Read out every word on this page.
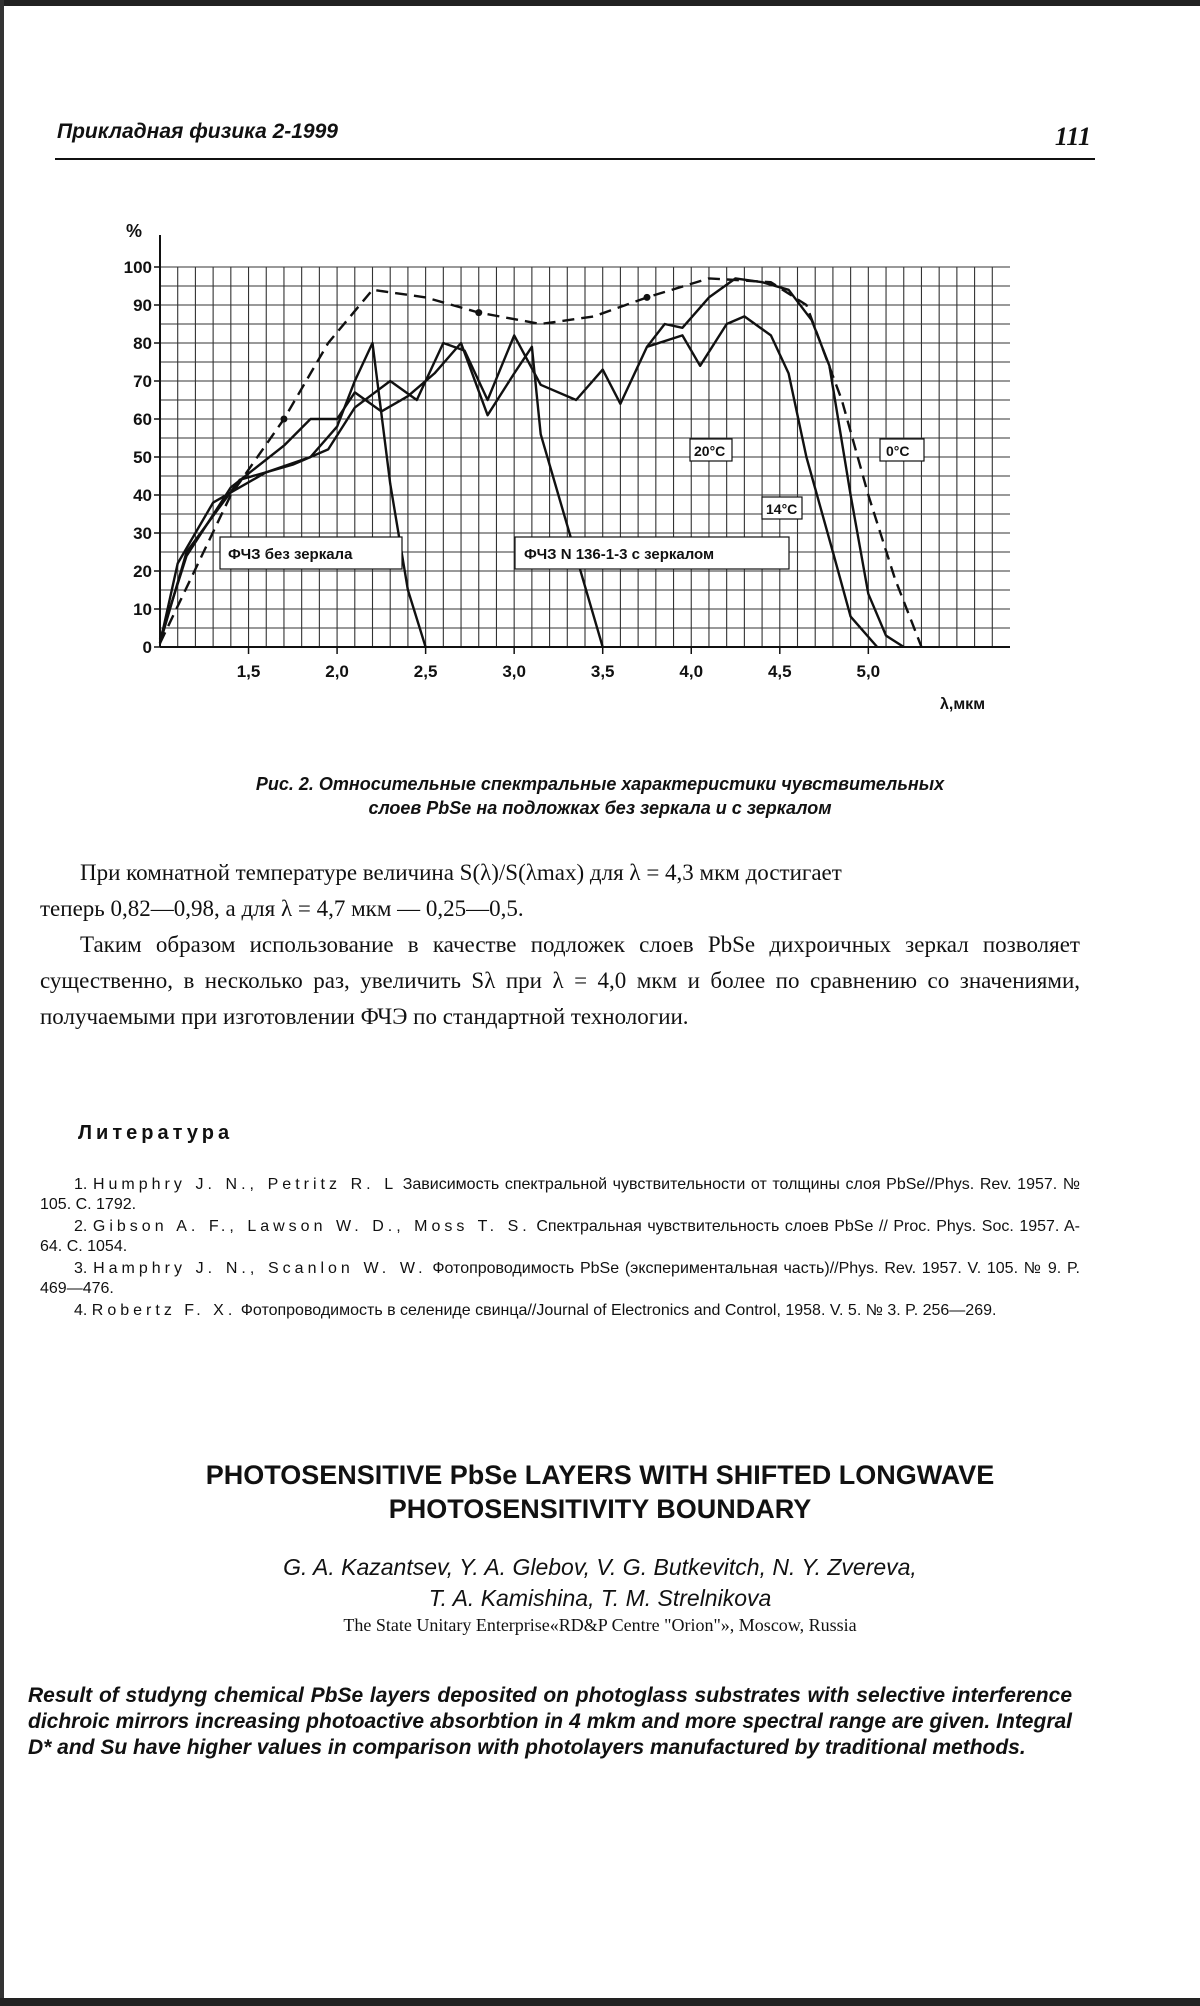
Прикладная физика 2-1999	111
100
90
80
70
60
50
40
30
20
10
0
1,5	2,0	2,5	3,0	3,5	4,0	4,5	5,0
%
λ,мкм
ФЧЗ без зеркала	ФЧЗ N 136-1-3 с зеркалом
20°С
14°С
0°С
Рис. 2. Относительные спектральные характеристики чувствительных
слоев PbSe на подложках без зеркала и с зеркалом

При комнатной температуре величина S(λ)/S(λmax) для λ = 4,3 мкм достигает

теперь 0,82—0,98, а для λ = 4,7 мкм — 0,25—0,5.

Таким образом использование в качестве подложек слоев PbSe дихроичных зеркал позволяет существенно, в несколько раз, увеличить Sλ при λ = 4,0 мкм и более по сравнению со значениями, получаемыми при изготовлении ФЧЭ по стандартной технологии.

Литература
1. Humphry J. N., Petritz R. L Зависимость спектральной чувствительности от толщины слоя PbSe//Phys. Rev. 1957. № 105. С. 1792.
2. Gibson A. F., Lawson W. D., Moss T. S. Спектральная чувствительность слоев PbSe // Proc. Phys. Soc. 1957. A-64. С. 1054.
3. Hamphry J. N., Scanlon W. W. Фотопроводимость PbSe (экспериментальная часть)//Phys. Rev. 1957. V. 105. № 9. P. 469—476.
4. Robertz F. X. Фотопроводимость в селениде свинца//Journal of Electronics and Control, 1958. V. 5. № 3. P. 256—269.
PHOTOSENSITIVE PbSe LAYERS WITH SHIFTED LONGWAVE
PHOTOSENSITIVITY BOUNDARY
G. A. Kazantsev, Y. A. Glebov, V. G. Butkevitch, N. Y. Zvereva,
T. A. Kamishina, T. M. Strelnikova
The State Unitary Enterprise«RD&P Centre "Orion"», Moscow, Russia
Result of studyng chemical PbSe layers deposited on photoglass substrates with selective interference dichroic mirrors increasing photoactive absorbtion in 4 mkm and more spectral range are given. Integral D* and Su have higher values in comparison with photolayers manufactured by traditional methods.
